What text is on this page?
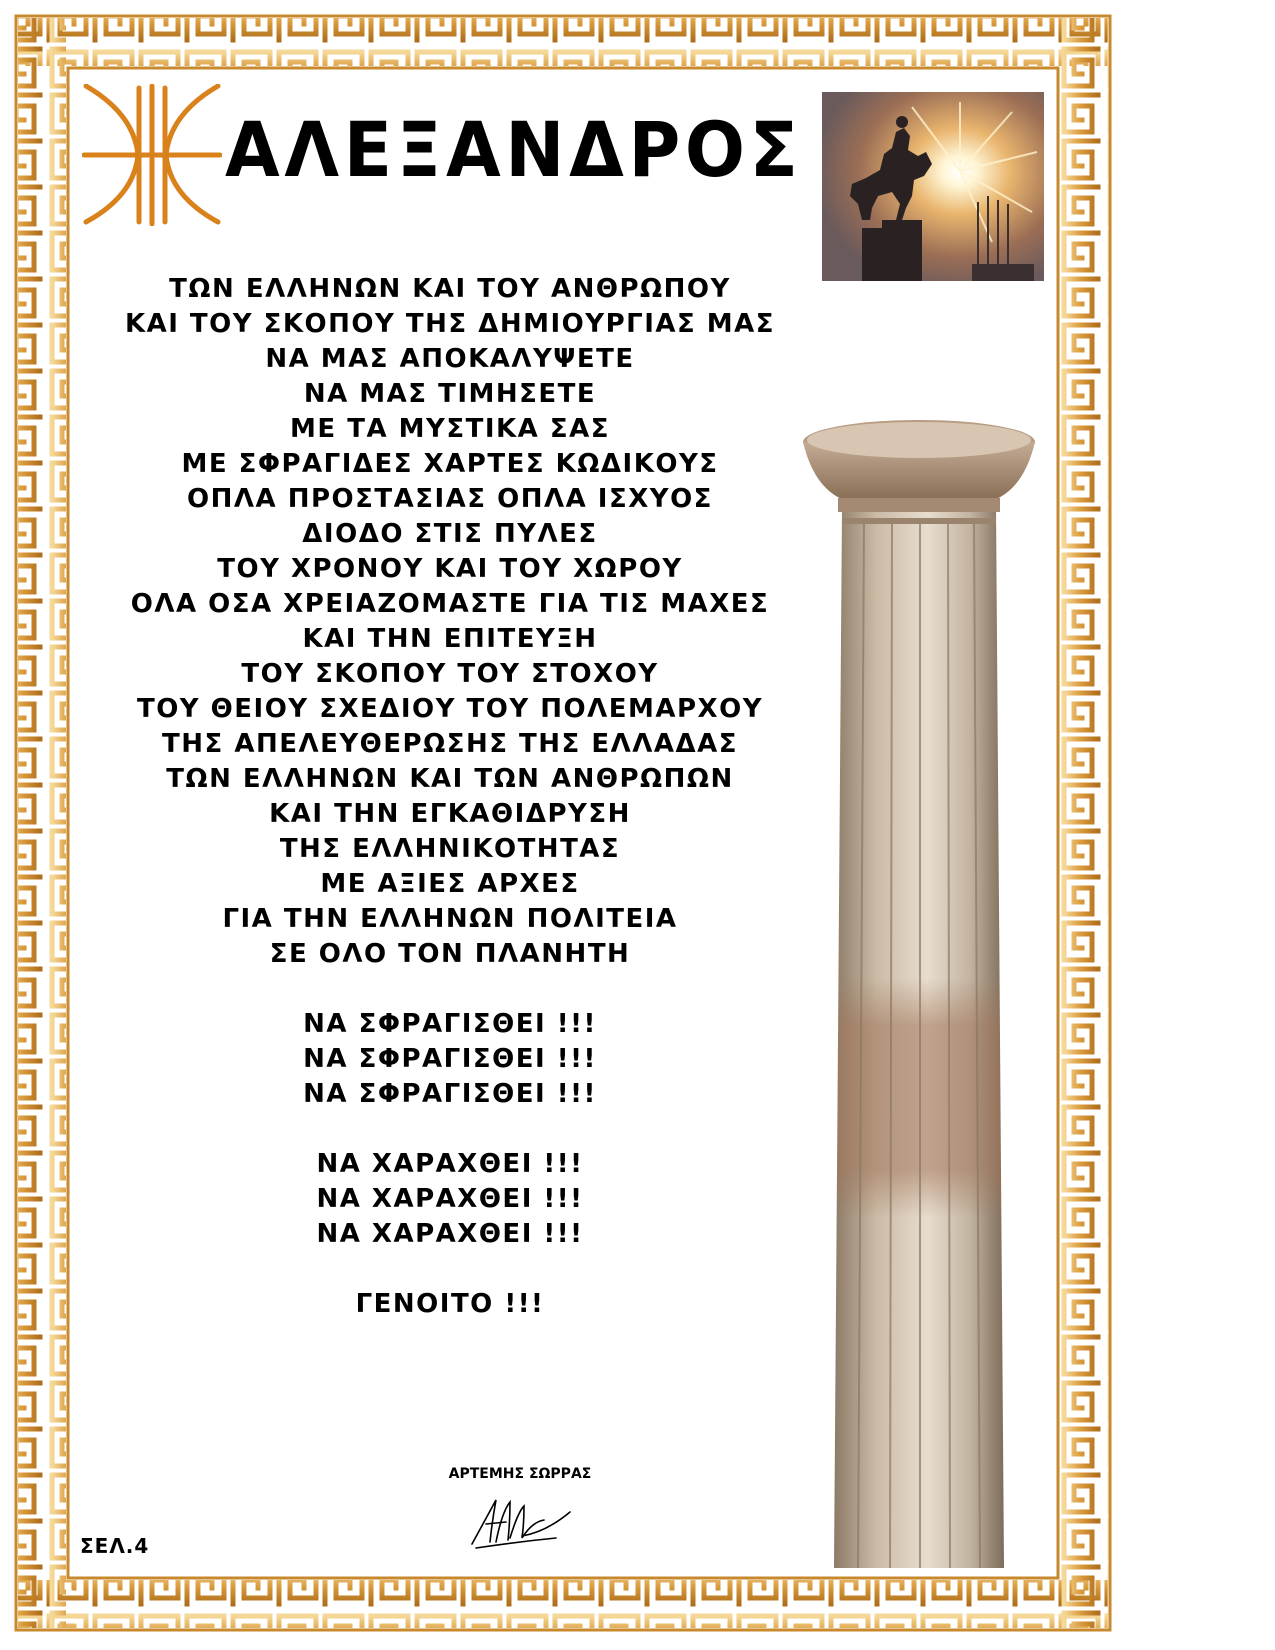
ΑΛΕΞΑΝΔΡΟΣ
ΤΩΝ ΕΛΛΗΝΩΝ ΚΑΙ ΤΟΥ ΑΝΘΡΩΠΟΥ
ΚΑΙ ΤΟΥ ΣΚΟΠΟΥ ΤΗΣ ΔΗΜΙΟΥΡΓΙΑΣ ΜΑΣ
ΝΑ ΜΑΣ ΑΠΟΚΑΛΥΨΕΤΕ
ΝΑ ΜΑΣ ΤΙΜΗΣΕΤΕ
ΜΕ ΤΑ ΜΥΣΤΙΚΑ ΣΑΣ
ΜΕ ΣΦΡΑΓΙΔΕΣ ΧΑΡΤΕΣ ΚΩΔΙΚΟΥΣ
ΟΠΛΑ ΠΡΟΣΤΑΣΙΑΣ ΟΠΛΑ ΙΣΧΥΟΣ
ΔΙΟΔΟ ΣΤΙΣ ΠΥΛΕΣ
ΤΟΥ ΧΡΟΝΟΥ ΚΑΙ ΤΟΥ ΧΩΡΟΥ
ΟΛΑ ΟΣΑ ΧΡΕΙΑΖΟΜΑΣΤΕ ΓΙΑ ΤΙΣ ΜΑΧΕΣ
ΚΑΙ ΤΗΝ ΕΠΙΤΕΥΞΗ
ΤΟΥ ΣΚΟΠΟΥ ΤΟΥ ΣΤΟΧΟΥ
ΤΟΥ ΘΕΙΟΥ ΣΧΕΔΙΟΥ ΤΟΥ ΠΟΛΕΜΑΡΧΟΥ
ΤΗΣ ΑΠΕΛΕΥΘΕΡΩΣΗΣ ΤΗΣ ΕΛΛΑΔΑΣ
ΤΩΝ ΕΛΛΗΝΩΝ ΚΑΙ ΤΩΝ ΑΝΘΡΩΠΩΝ
ΚΑΙ ΤΗΝ ΕΓΚΑΘΙΔΡΥΣΗ
ΤΗΣ ΕΛΛΗΝΙΚΟΤΗΤΑΣ
ΜΕ ΑΞΙΕΣ ΑΡΧΕΣ
ΓΙΑ ΤΗΝ ΕΛΛΗΝΩΝ ΠΟΛΙΤΕΙΑ
ΣΕ ΟΛΟ ΤΟΝ ΠΛΑΝΗΤΗ
ΝΑ ΣΦΡΑΓΙΣΘΕΙ !!!
ΝΑ ΣΦΡΑΓΙΣΘΕΙ !!!
ΝΑ ΣΦΡΑΓΙΣΘΕΙ !!!
ΝΑ ΧΑΡΑΧΘΕΙ !!!
ΝΑ ΧΑΡΑΧΘΕΙ !!!
ΝΑ ΧΑΡΑΧΘΕΙ !!!
ΓΕΝΟΙΤΟ !!!
ΑΡΤΕΜΗΣ ΣΩΡΡΑΣ
ΣΕΛ.4
